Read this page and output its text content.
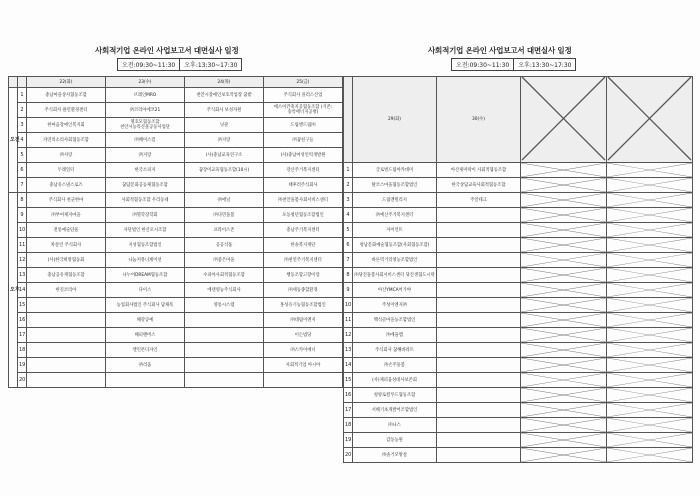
사회적기업 온라인 사업보고서 대면실사 일정
오전:09:30~11:30	오후:13:30~17:30
사회적기업 온라인 사업보고서 대면실사 일정
오전:09:30~11:30	오후:13:30~17:30
		22(화)	23(수)	24(목)	25(금)
오전	1	충남마을상사협동조합	브레인MRO	천안시장애인보호작업장 꿈밭	주식회사 플러스산업
	2	주식회사 클린환경센터	㈜코리아에코21	주식회사 보성자원	에스이건축지공협동조합 (기존:송악에너지공방)
	3	한마음장애인복지회	명호모협동조합 천안시농특산물공동사업단	넝쿨	드림앤드림㈜
	4	자연의소리사회협동조합	㈜해이스컴	㈜지랑	㈜꿈친구들
	5	㈜사랑	㈜지랑	(사)충남교육연구소	(사)충남여성인력개발원
	6	두레일터	한국소피지	꿈장이교육협동조합(10시)	강산주거복지센터
	7	충남유스낸스로즈	꿈담문화공동체협동조합		태후러주식회사
오후	8	주식회사 천군한마	사회적협동조합 우리동네	㈜애닐	㈜천안돌봄사회서비스센터
	9	㈜부여제지마을	㈜명학장학회	㈜다민돌봄	포동청년협동조합법인
	10	전통예술단울	사단법인 한산모시조합	프라이스존	충남주거복지센터
	11	차살린 주식회사	지성협동조합법인	공공식품	한솔복지재단
	12	(사)한국희망협동회	나눔커뮤니케이션	㈜좋은마을	㈜천연주거복지센터
	13	충남공유재협동조합	나누어DREAM협동조합	수피아사회적협동조합	행동조합고향이랑
	14	한길코리아	다이스	에덴영농주식회사	㈜세동종합환경
	15		농업회사법인 주식회사 담채록	영통시스템	홍성유기농협동조합법인
	16		해강공예		㈜대림이엔지
	17		해피랜버스		이든법당
	18		엘린폰디자인		㈜스카이에너
	19		㈜리움		사회적기업 아시아
	20				
	29(화)	30(수)		
1	글로벌드림아카데미	아산제미락이 사회적협동조합	

2	탈코스마을협동조합법인	한국상담교육사회적협동조합	

3	드림앤빌리지	주알테크	

4	㈜예산주거복지센터		

5	자이언트		

6	청남문화예술협동조합(사회협동조합)		

7	바른먹거리영농조합법인		

8	㈜당진돌봄사회서비스센터 당진생협도시락		

9	아산YMCA어가야		

10	주성이엔지㈜		

11	백석골마을농조합법인		

12	㈜에듈렘		

13	주식회사 꿈해바라트		

14	㈜손주돌봄		

15	(사)제피움성대사보존회		

16	청양로컬푸드협동조합		

17	서해기초개발어조합법인		

18	㈜나스		

19	감동농원		

20	㈜솔거모방살		
